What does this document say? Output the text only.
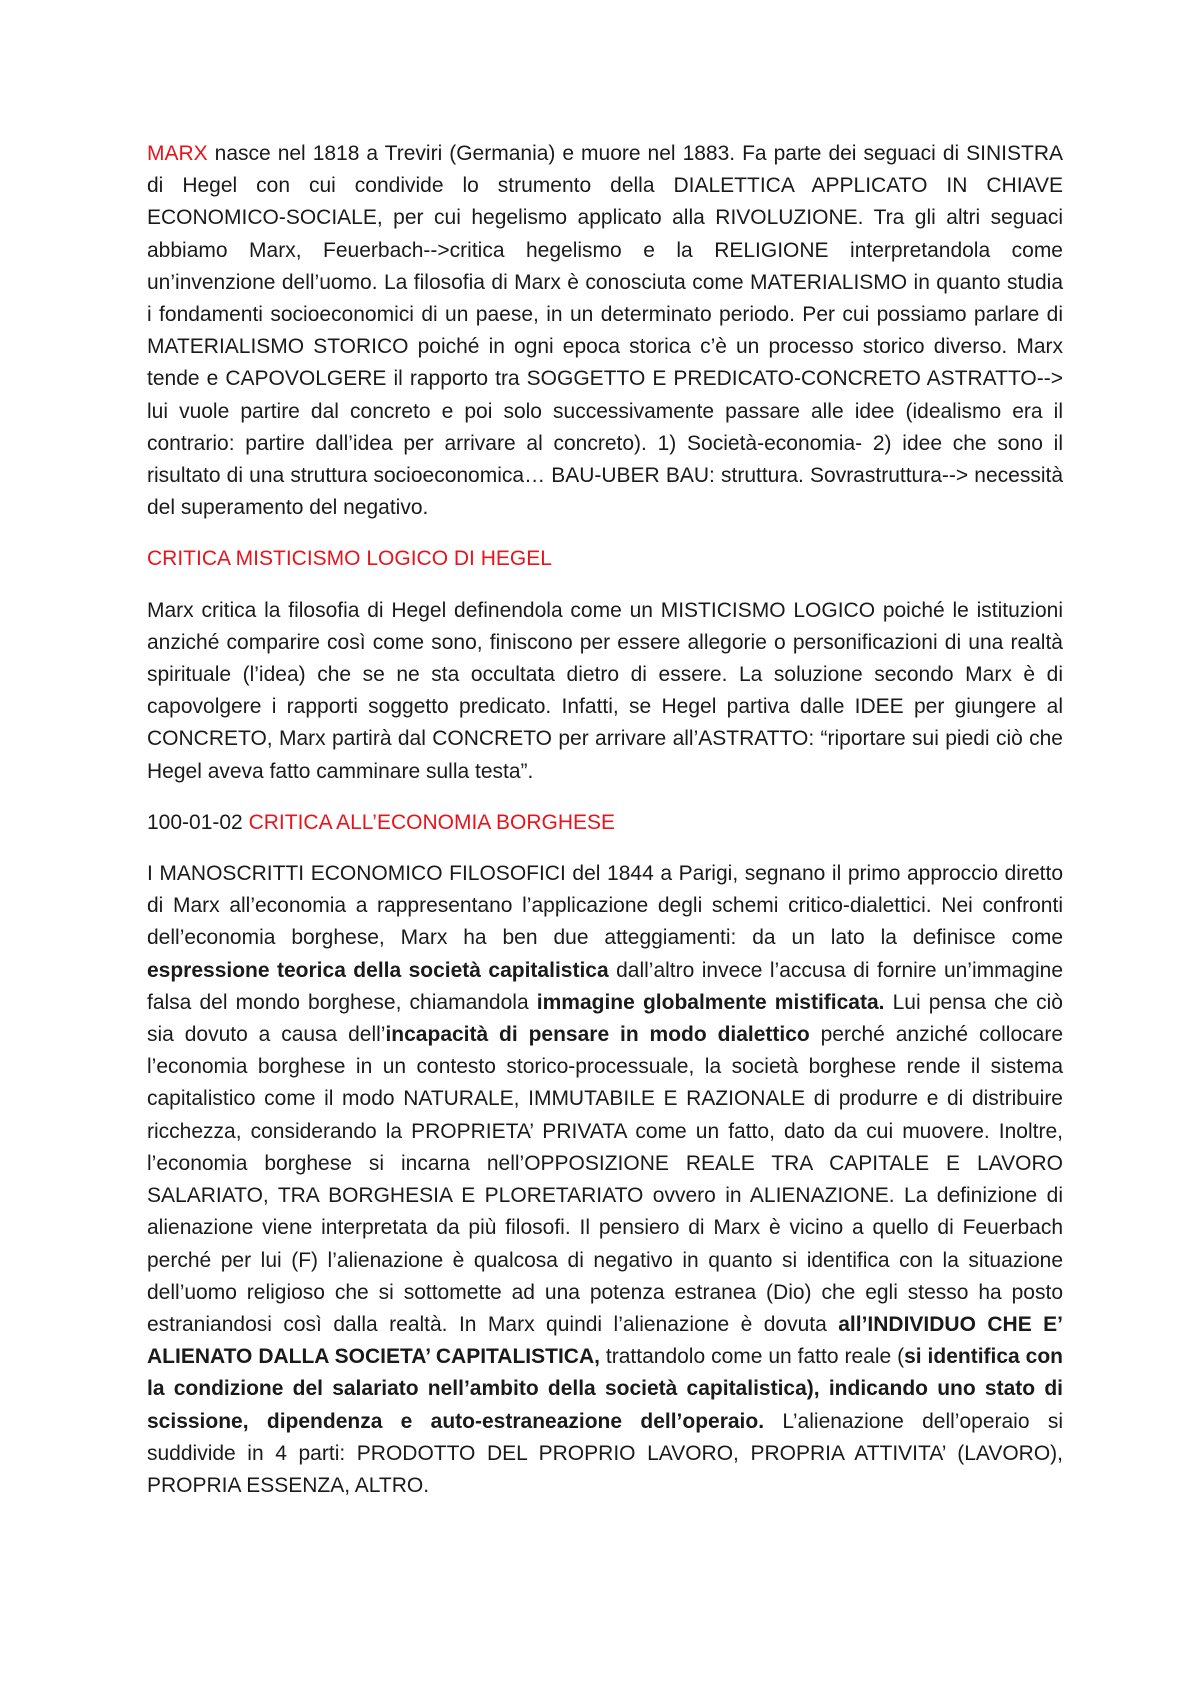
MARX nasce nel 1818 a Treviri (Germania) e muore nel 1883. Fa parte dei seguaci di SINISTRA di Hegel con cui condivide lo strumento della DIALETTICA APPLICATO IN CHIAVE ECONOMICO-SOCIALE, per cui hegelismo applicato alla RIVOLUZIONE. Tra gli altri seguaci abbiamo Marx, Feuerbach-->critica hegelismo e la RELIGIONE interpretandola come un’invenzione dell’uomo. La filosofia di Marx è conosciuta come MATERIALISMO in quanto studia i fondamenti socioeconomici di un paese, in un determinato periodo. Per cui possiamo parlare di MATERIALISMO STORICO poiché in ogni epoca storica c’è un processo storico diverso. Marx tende e CAPOVOLGERE il rapporto tra SOGGETTO E PREDICATO-CONCRETO ASTRATTO--> lui vuole partire dal concreto e poi solo successivamente passare alle idee (idealismo era il contrario: partire dall’idea per arrivare al concreto). 1) Società-economia- 2) idee che sono il risultato di una struttura socioeconomica… BAU-UBER BAU: struttura. Sovrastruttura--> necessità del superamento del negativo.

CRITICA MISTICISMO LOGICO DI HEGEL

Marx critica la filosofia di Hegel definendola come un MISTICISMO LOGICO poiché le istituzioni anziché comparire così come sono, finiscono per essere allegorie o personificazioni di una realtà spirituale (l’idea) che se ne sta occultata dietro di essere. La soluzione secondo Marx è di capovolgere i rapporti soggetto predicato. Infatti, se Hegel partiva dalle IDEE per giungere al CONCRETO, Marx partirà dal CONCRETO per arrivare all’ASTRATTO: “riportare sui piedi ciò che Hegel aveva fatto camminare sulla testa”.

100-01-02 CRITICA ALL’ECONOMIA BORGHESE

I MANOSCRITTI ECONOMICO FILOSOFICI del 1844 a Parigi, segnano il primo approccio diretto di Marx all’economia a rappresentano l’applicazione degli schemi critico-dialettici. Nei confronti dell’economia borghese, Marx ha ben due atteggiamenti: da un lato la definisce come espressione teorica della società capitalistica dall’altro invece l’accusa di fornire un’immagine falsa del mondo borghese, chiamandola immagine globalmente mistificata. Lui pensa che ciò sia dovuto a causa dell’incapacità di pensare in modo dialettico perché anziché collocare l’economia borghese in un contesto storico-processuale, la società borghese rende il sistema capitalistico come il modo NATURALE, IMMUTABILE E RAZIONALE di produrre e di distribuire ricchezza, considerando la PROPRIETA’ PRIVATA come un fatto, dato da cui muovere. Inoltre, l’economia borghese si incarna nell’OPPOSIZIONE REALE TRA CAPITALE E LAVORO SALARIATO, TRA BORGHESIA E PLORETARIATO ovvero in ALIENAZIONE. La definizione di alienazione viene interpretata da più filosofi. Il pensiero di Marx è vicino a quello di Feuerbach perché per lui (F) l’alienazione è qualcosa di negativo in quanto si identifica con la situazione dell’uomo religioso che si sottomette ad una potenza estranea (Dio) che egli stesso ha posto estraniandosi così dalla realtà. In Marx quindi l’alienazione è dovuta all’INDIVIDUO CHE E’ ALIENATO DALLA SOCIETA’ CAPITALISTICA, trattandolo come un fatto reale (si identifica con la condizione del salariato nell’ambito della società capitalistica), indicando uno stato di scissione, dipendenza e auto-estraneazione dell’operaio. L’alienazione dell’operaio si suddivide in 4 parti: PRODOTTO DEL PROPRIO LAVORO, PROPRIA ATTIVITA’ (LAVORO), PROPRIA ESSENZA, ALTRO.
